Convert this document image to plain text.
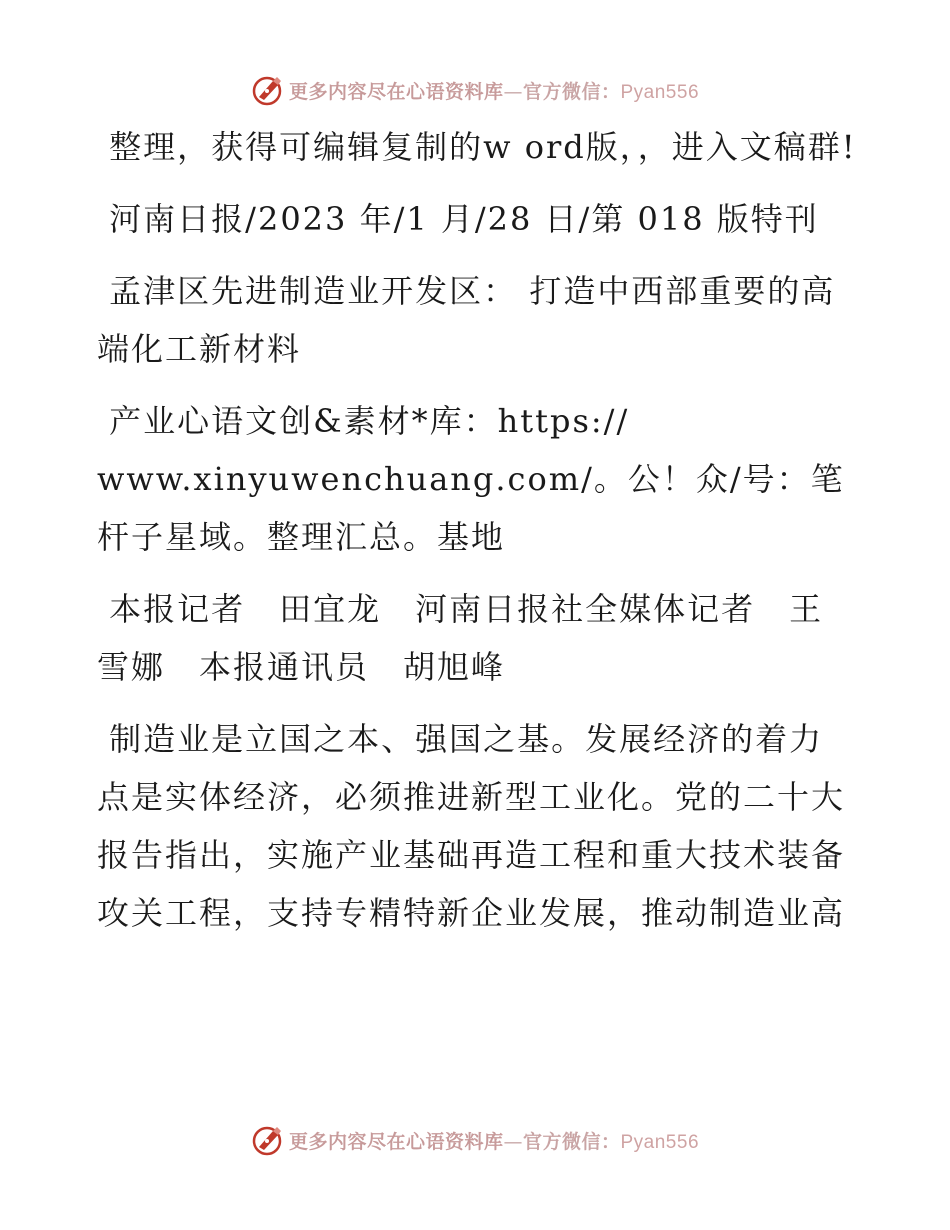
更多内容尽在心语资料库—官方微信：Pyan556

整理，获得可编辑复制的w ord版，，进入文稿群!

河南日报/2023 年/1 月/28 日/第 018 版特刊

孟津区先进制造业开发区： 打造中西部重要的高端化工新材料

产业心语文创&素材*库：https://
www.xinyuwenchuang.com/。公！众/号：笔杆子星域。整理汇总。基地

本报记者　田宜龙　河南日报社全媒体记者　王雪娜　本报通讯员　胡旭峰

制造业是立国之本、强国之基。发展经济的着力点是实体经济，必须推进新型工业化。党的二十大报告指出，实施产业基础再造工程和重大技术装备攻关工程，支持专精特新企业发展，推动制造业高

更多内容尽在心语资料库—官方微信：Pyan556
